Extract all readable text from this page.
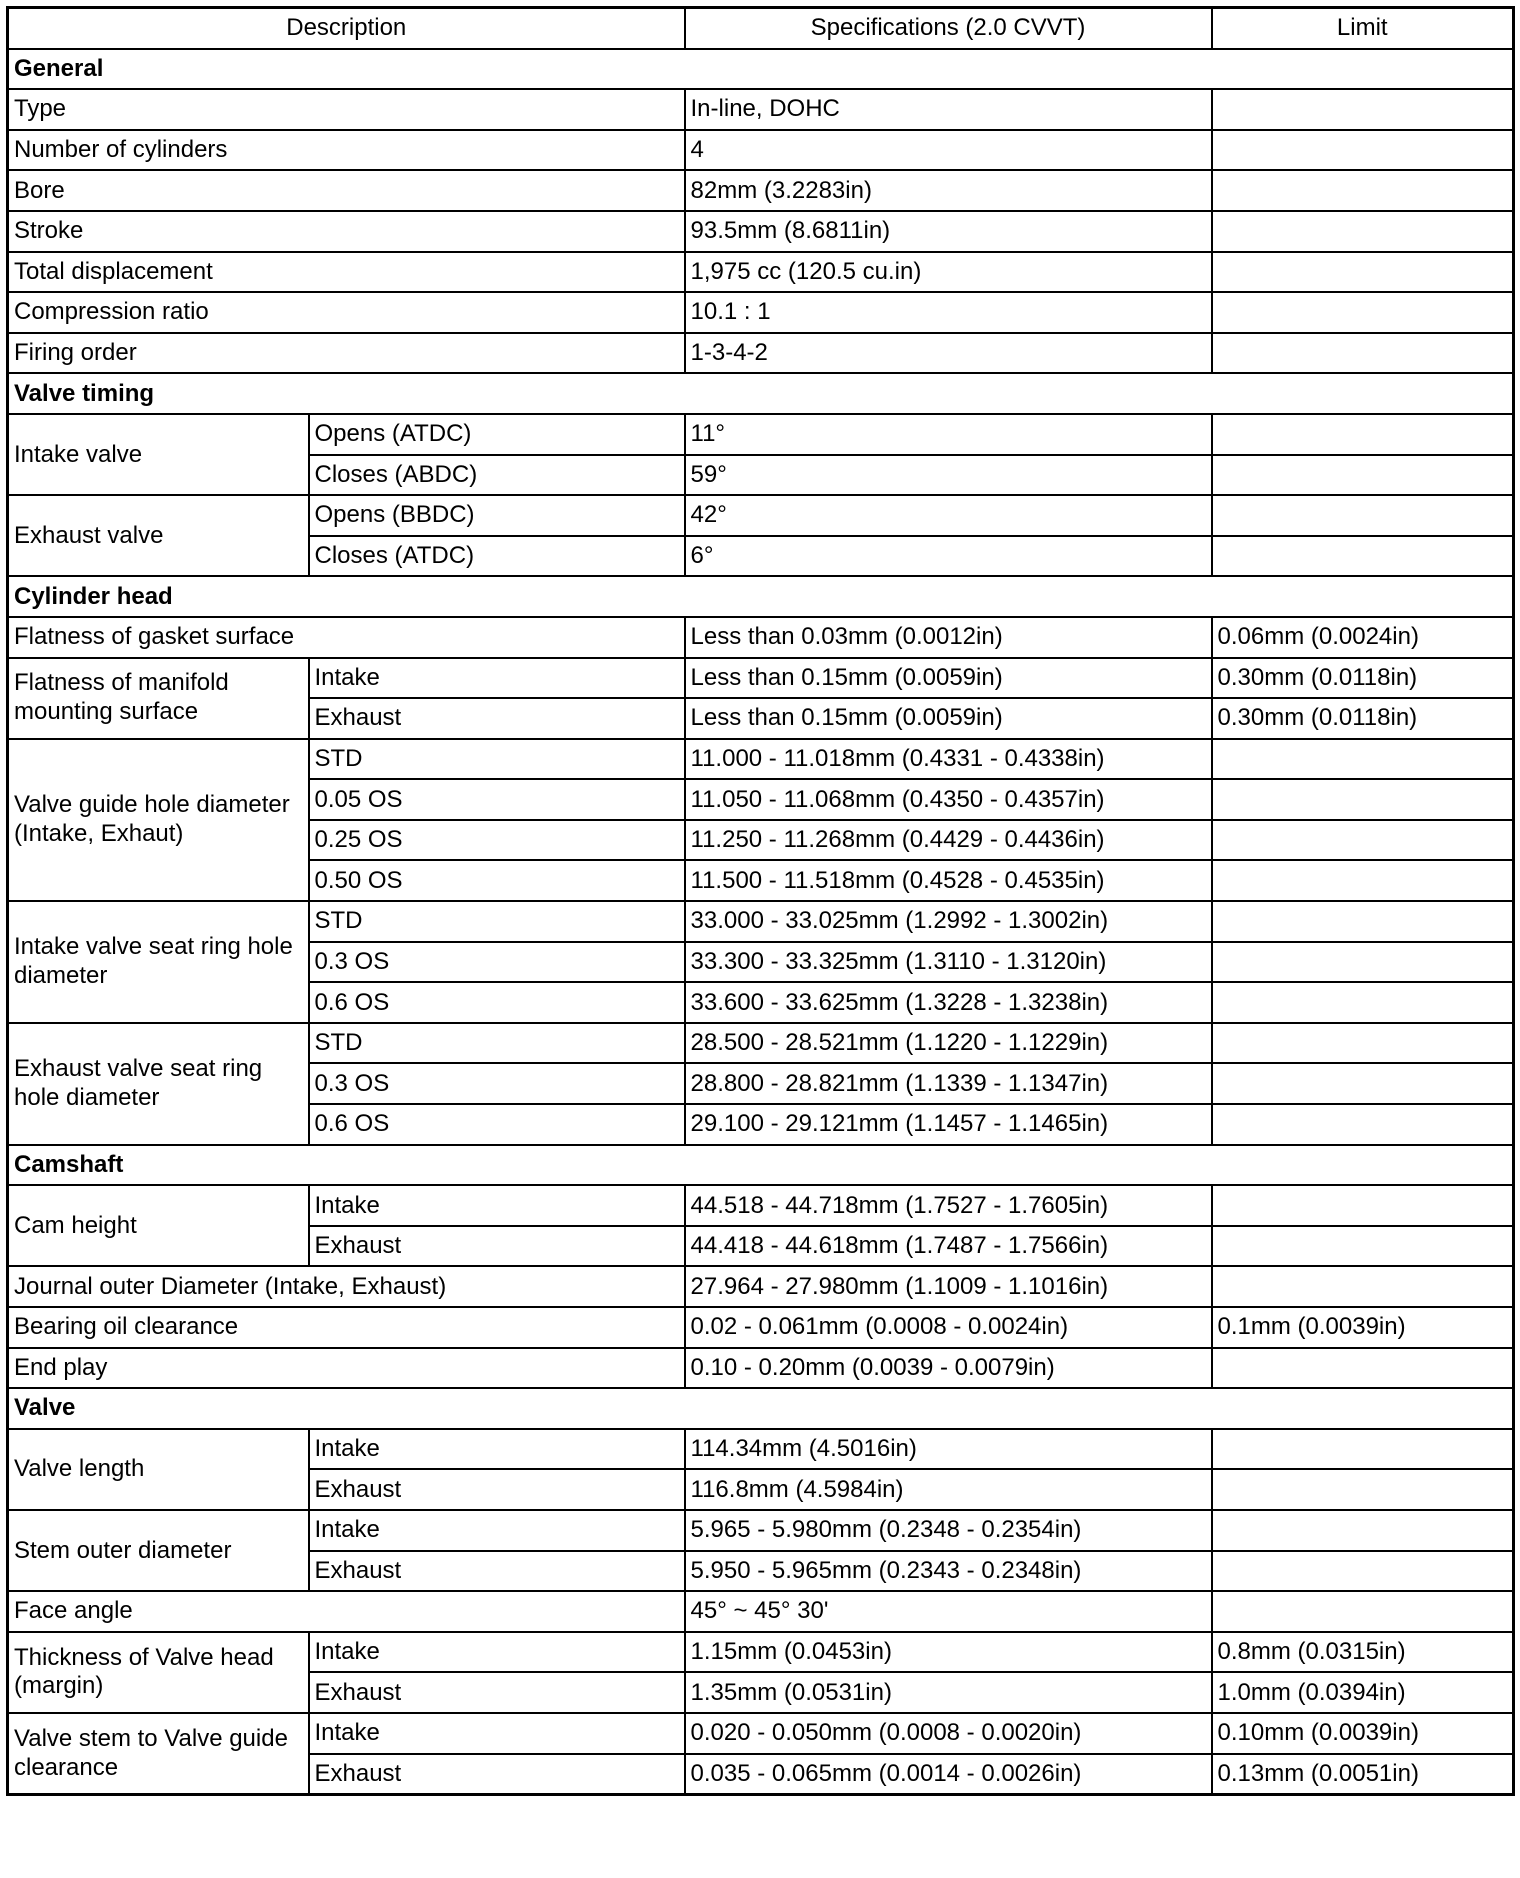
Description		Specifications (2.0 CVVT)	Limit
General			
Type		In-line, DOHC	
Number of cylinders		4	
Bore		82mm (3.2283in)	
Stroke		93.5mm (8.6811in)	
Total displacement		1,975 cc (120.5 cu.in)	
Compression ratio		10.1 : 1	
Firing order		1-3-4-2	
Valve timing			
Intake valve	Opens (ATDC)	11°	
	Closes (ABDC)	59°	
Exhaust valve	Opens (BBDC)	42°	
	Closes (ATDC)	6°	
Cylinder head			
Flatness of gasket surface		Less than 0.03mm (0.0012in)	0.06mm (0.0024in)
Flatness of manifold mounting surface	Intake	Less than 0.15mm (0.0059in)	0.30mm (0.0118in)
	Exhaust	Less than 0.15mm (0.0059in)	0.30mm (0.0118in)
Valve guide hole diameter (Intake, Exhaut)	STD	11.000 - 11.018mm (0.4331 - 0.4338in)	
	0.05 OS	11.050 - 11.068mm (0.4350 - 0.4357in)	
	0.25 OS	11.250 - 11.268mm (0.4429 - 0.4436in)	
	0.50 OS	11.500 - 11.518mm (0.4528 - 0.4535in)	
Intake valve seat ring hole diameter	STD	33.000 - 33.025mm (1.2992 - 1.3002in)	
	0.3 OS	33.300 - 33.325mm (1.3110 - 1.3120in)	
	0.6 OS	33.600 - 33.625mm (1.3228 - 1.3238in)	
Exhaust valve seat ring hole diameter	STD	28.500 - 28.521mm (1.1220 - 1.1229in)	
	0.3 OS	28.800 - 28.821mm (1.1339 - 1.1347in)	
	0.6 OS	29.100 - 29.121mm (1.1457 - 1.1465in)	
Camshaft			
Cam height	Intake	44.518 - 44.718mm (1.7527 - 1.7605in)	
	Exhaust	44.418 - 44.618mm (1.7487 - 1.7566in)	
Journal outer Diameter (Intake, Exhaust)		27.964 - 27.980mm (1.1009 - 1.1016in)	
Bearing oil clearance		0.02 - 0.061mm (0.0008 - 0.0024in)	0.1mm (0.0039in)
End play		0.10 - 0.20mm (0.0039 - 0.0079in)	
Valve			
Valve length	Intake	114.34mm (4.5016in)	
	Exhaust	116.8mm (4.5984in)	
Stem outer diameter	Intake	5.965 - 5.980mm (0.2348 - 0.2354in)	
	Exhaust	5.950 - 5.965mm (0.2343 - 0.2348in)	
Face angle		45° ~ 45° 30'	
Thickness of Valve head (margin)	Intake	1.15mm (0.0453in)	0.8mm (0.0315in)
	Exhaust	1.35mm (0.0531in)	1.0mm (0.0394in)
Valve stem to Valve guide clearance	Intake	0.020 - 0.050mm (0.0008 - 0.0020in)	0.10mm (0.0039in)
	Exhaust	0.035 - 0.065mm (0.0014 - 0.0026in)	0.13mm (0.0051in)
